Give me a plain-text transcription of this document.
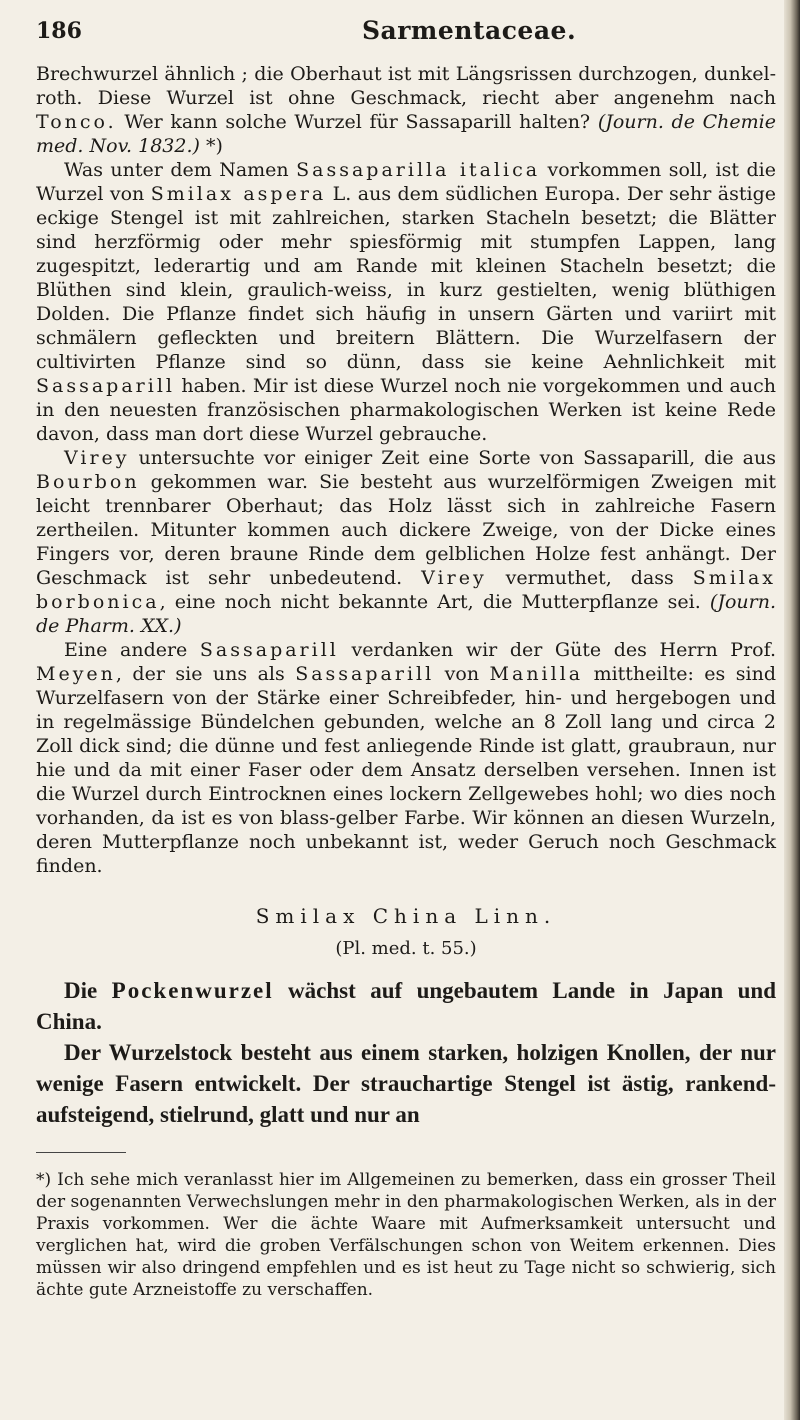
186	Sarmentaceae.

Brechwurzel ähnlich ; die Oberhaut ist mit Längsrissen durchzogen, dunkel-roth. Diese Wurzel ist ohne Geschmack, riecht aber angenehm nach Tonco. Wer kann solche Wurzel für Sassaparill halten? (Journ. de Chemie med. Nov. 1832.) *)

Was unter dem Namen Sassaparilla italica vorkommen soll, ist die Wurzel von Smilax aspera L. aus dem südlichen Europa. Der sehr ästige eckige Stengel ist mit zahlreichen, starken Stacheln besetzt; die Blätter sind herzförmig oder mehr spiesförmig mit stumpfen Lappen, lang zugespitzt, lederartig und am Rande mit kleinen Stacheln besetzt; die Blüthen sind klein, graulich-weiss, in kurz gestielten, wenig blüthigen Dolden. Die Pflanze findet sich häufig in unsern Gärten und variirt mit schmälern gefleckten und breitern Blättern. Die Wurzelfasern der cultivirten Pflanze sind so dünn, dass sie keine Aehnlichkeit mit Sassaparill haben. Mir ist diese Wurzel noch nie vorgekommen und auch in den neuesten französischen pharmakologischen Werken ist keine Rede davon, dass man dort diese Wurzel gebrauche.

Virey untersuchte vor einiger Zeit eine Sorte von Sassaparill, die aus Bourbon gekommen war. Sie besteht aus wurzelförmigen Zweigen mit leicht trennbarer Oberhaut; das Holz lässt sich in zahlreiche Fasern zertheilen. Mitunter kommen auch dickere Zweige, von der Dicke eines Fingers vor, deren braune Rinde dem gelblichen Holze fest anhängt. Der Geschmack ist sehr unbedeutend. Virey vermuthet, dass Smilax borbonica, eine noch nicht bekannte Art, die Mutterpflanze sei. (Journ. de Pharm. XX.)

Eine andere Sassaparill verdanken wir der Güte des Herrn Prof. Meyen, der sie uns als Sassaparill von Manilla mittheilte: es sind Wurzelfasern von der Stärke einer Schreibfeder, hin- und hergebogen und in regelmässige Bündelchen gebunden, welche an 8 Zoll lang und circa 2 Zoll dick sind; die dünne und fest anliegende Rinde ist glatt, graubraun, nur hie und da mit einer Faser oder dem Ansatz derselben versehen. Innen ist die Wurzel durch Eintrocknen eines lockern Zellgewebes hohl; wo dies noch vorhanden, da ist es von blass-gelber Farbe. Wir können an diesen Wurzeln, deren Mutterpflanze noch unbekannt ist, weder Geruch noch Geschmack finden.

Smilax China Linn.
(Pl. med. t. 55.)

Die Pockenwurzel wächst auf ungebautem Lande in Japan und China.

Der Wurzelstock besteht aus einem starken, holzigen Knollen, der nur wenige Fasern entwickelt. Der strauchartige Stengel ist ästig, rankend-aufsteigend, stielrund, glatt und nur an

*) Ich sehe mich veranlasst hier im Allgemeinen zu bemerken, dass ein grosser Theil der sogenannten Verwechslungen mehr in den pharmakologischen Werken, als in der Praxis vorkommen. Wer die ächte Waare mit Aufmerksamkeit untersucht und verglichen hat, wird die groben Verfälschungen schon von Weitem erkennen. Dies müssen wir also dringend empfehlen und es ist heut zu Tage nicht so schwierig, sich ächte gute Arzneistoffe zu verschaffen.
